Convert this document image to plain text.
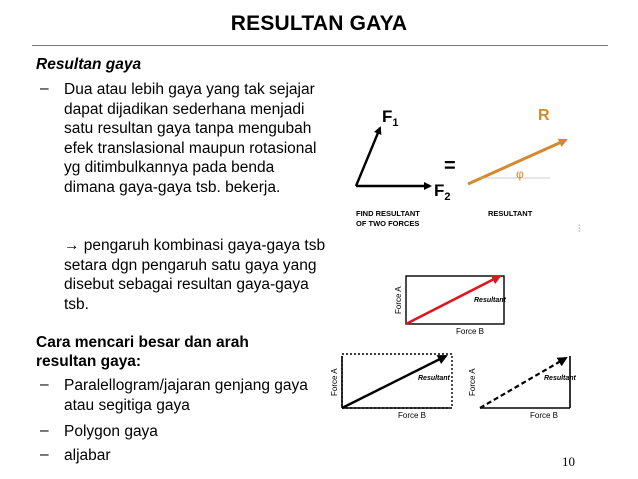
RESULTAN GAYA
Resultan gaya
– Dua atau lebih gaya yang tak sejajar dapat dijadikan sederhana menjadi satu resultan gaya tanpa mengubah efek translasional maupun rotasional yg ditimbulkannya pada benda dimana gaya-gaya tsb. bekerja.
→ pengaruh kombinasi gaya-gaya tsb setara dgn pengaruh satu gaya yang disebut sebagai resultan gaya-gaya tsb.
Cara mencari besar dan arah resultan gaya:
– Paralellogram/jajaran genjang gaya atau segitiga gaya
– Polygon gaya
– aljabar	10
$F_1$
$F_2$
=
R
φ
FIND RESULTANT
OF TWO FORCES
RESULTANT
⫶
Force A
Force B
Resultant
Force A
Force B
Resultant Force A
Force B
Resultant
